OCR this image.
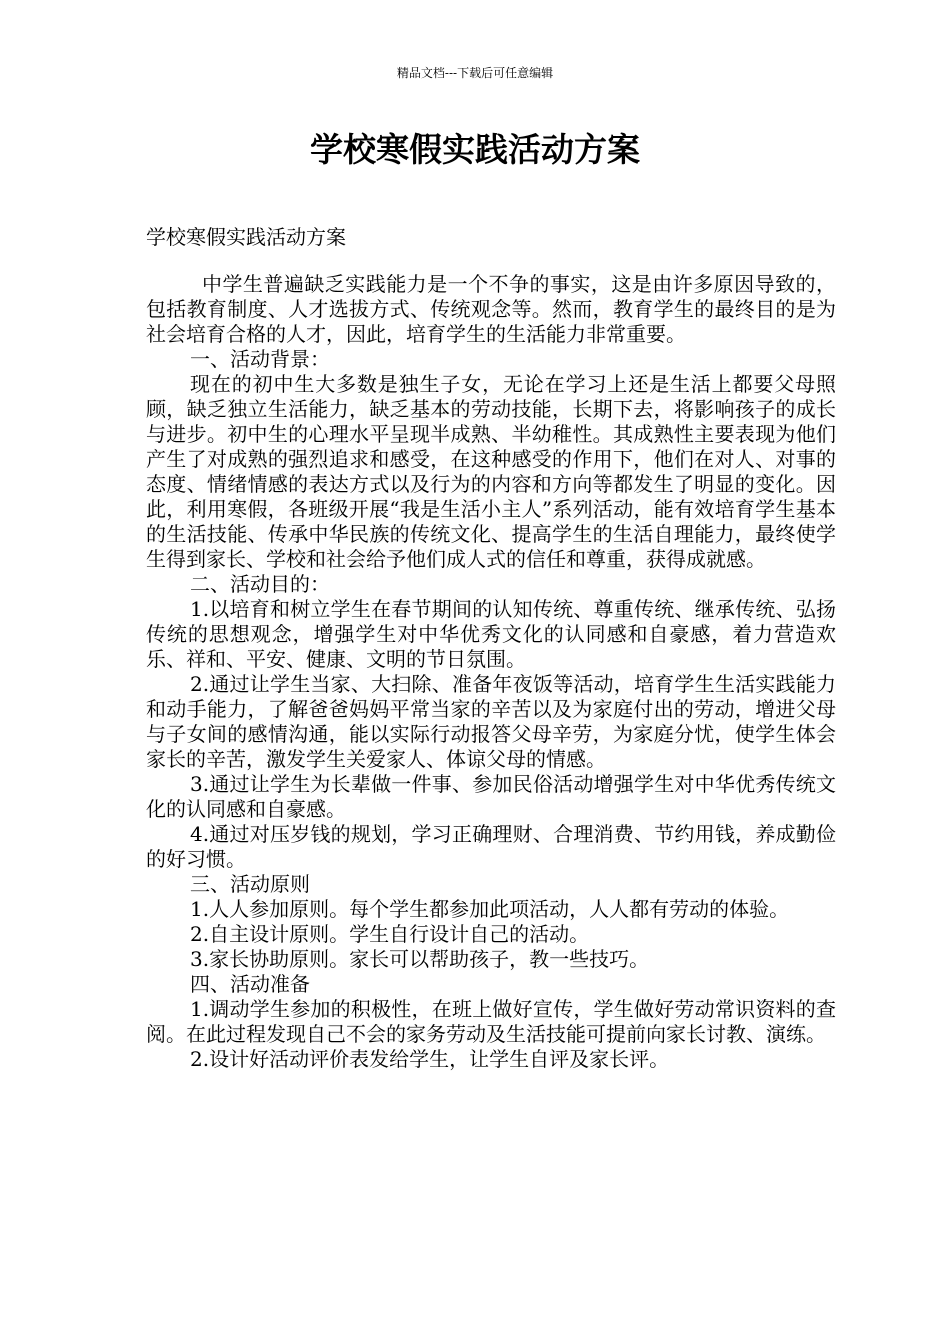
精品文档---下载后可任意编辑
学校寒假实践活动方案
学校寒假实践活动方案

中学生普遍缺乏实践能力是一个不争的事实，这是由许多原因导致的，包括教育制度、人才选拔方式、传统观念等。然而，教育学生的最终目的是为社会培育合格的人才，因此，培育学生的生活能力非常重要。

一、活动背景：

现在的初中生大多数是独生子女，无论在学习上还是生活上都要父母照顾，缺乏独立生活能力，缺乏基本的劳动技能，长期下去，将影响孩子的成长与进步。初中生的心理水平呈现半成熟、半幼稚性。其成熟性主要表现为他们产生了对成熟的强烈追求和感受，在这种感受的作用下，他们在对人、对事的态度、情绪情感的表达方式以及行为的内容和方向等都发生了明显的变化。因此，利用寒假，各班级开展“我是生活小主人”系列活动，能有效培育学生基本的生活技能、传承中华民族的传统文化、提高学生的生活自理能力，最终使学生得到家长、学校和社会给予他们成人式的信任和尊重，获得成就感。

二、活动目的：

1.以培育和树立学生在春节期间的认知传统、尊重传统、继承传统、弘扬传统的思想观念，增强学生对中华优秀文化的认同感和自豪感，着力营造欢乐、祥和、平安、健康、文明的节日氛围。

2.通过让学生当家、大扫除、准备年夜饭等活动，培育学生生活实践能力和动手能力，了解爸爸妈妈平常当家的辛苦以及为家庭付出的劳动，增进父母与子女间的感情沟通，能以实际行动报答父母辛劳，为家庭分忧，使学生体会家长的辛苦，激发学生关爱家人、体谅父母的情感。

3.通过让学生为长辈做一件事、参加民俗活动增强学生对中华优秀传统文化的认同感和自豪感。

4.通过对压岁钱的规划，学习正确理财、合理消费、节约用钱，养成勤俭的好习惯。

三、活动原则

1.人人参加原则。每个学生都参加此项活动，人人都有劳动的体验。

2.自主设计原则。学生自行设计自己的活动。

3.家长协助原则。家长可以帮助孩子，教一些技巧。

四、活动准备

1.调动学生参加的积极性，在班上做好宣传，学生做好劳动常识资料的查阅。在此过程发现自己不会的家务劳动及生活技能可提前向家长讨教、演练。

2.设计好活动评价表发给学生，让学生自评及家长评。
